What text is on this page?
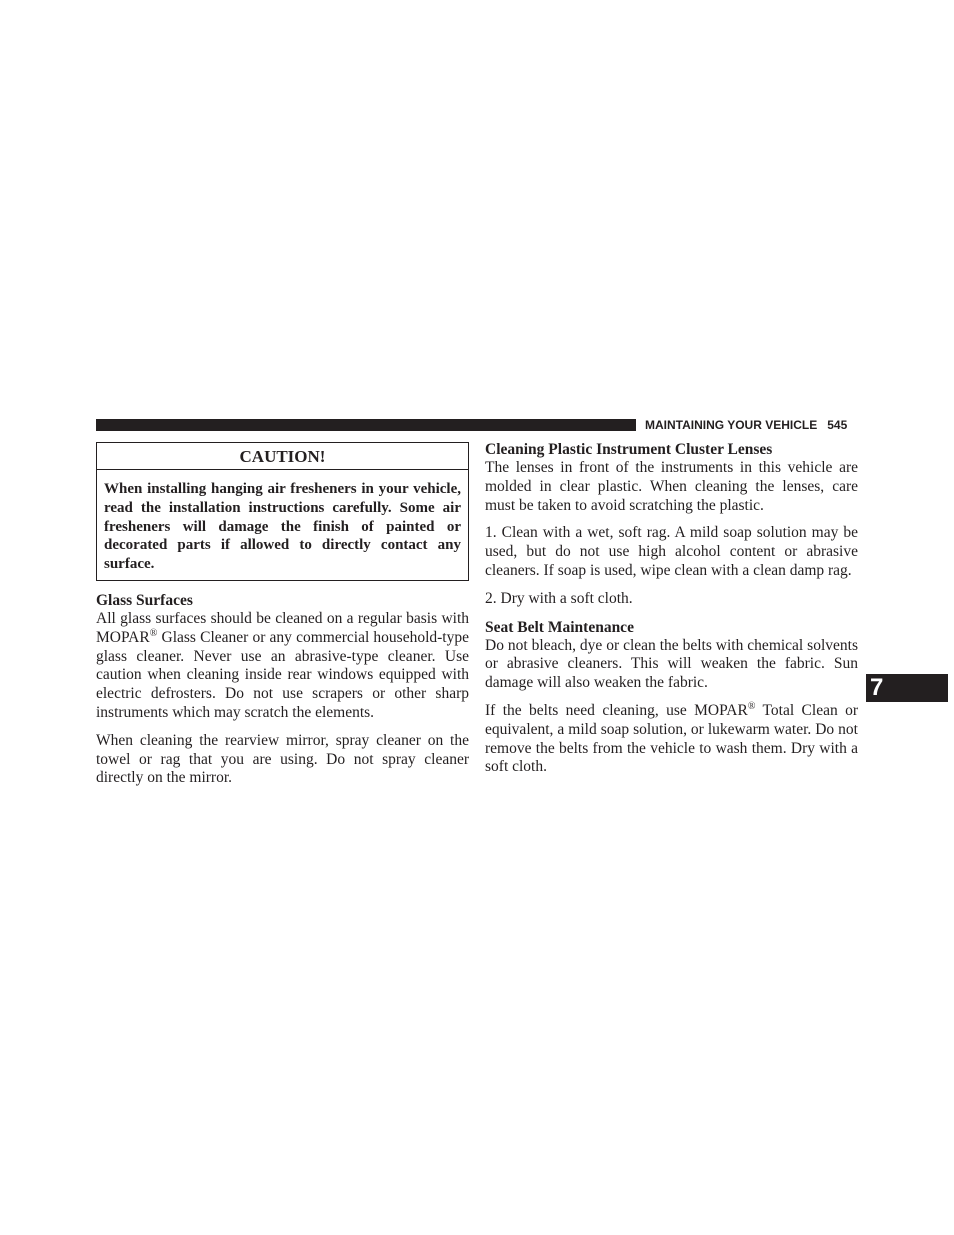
MAINTAINING YOUR VEHICLE 545
7
CAUTION!
When installing hanging air fresheners in your vehicle, read the installation instructions carefully. Some air fresheners will damage the finish of painted or decorated parts if allowed to directly contact any surface.
Glass Surfaces

All glass surfaces should be cleaned on a regular basis with MOPAR® Glass Cleaner or any commercial household-type glass cleaner. Never use an abrasive-type cleaner. Use caution when cleaning inside rear windows equipped with electric defrosters. Do not use scrapers or other sharp instruments which may scratch the elements.

When cleaning the rearview mirror, spray cleaner on the towel or rag that you are using. Do not spray cleaner directly on the mirror.

Cleaning Plastic Instrument Cluster Lenses

The lenses in front of the instruments in this vehicle are molded in clear plastic. When cleaning the lenses, care must be taken to avoid scratching the plastic.

1. Clean with a wet, soft rag. A mild soap solution may be used, but do not use high alcohol content or abrasive cleaners. If soap is used, wipe clean with a clean damp rag.

2. Dry with a soft cloth.

Seat Belt Maintenance

Do not bleach, dye or clean the belts with chemical solvents or abrasive cleaners. This will weaken the fabric. Sun damage will also weaken the fabric.

If the belts need cleaning, use MOPAR® Total Clean or equivalent, a mild soap solution, or lukewarm water. Do not remove the belts from the vehicle to wash them. Dry with a soft cloth.
